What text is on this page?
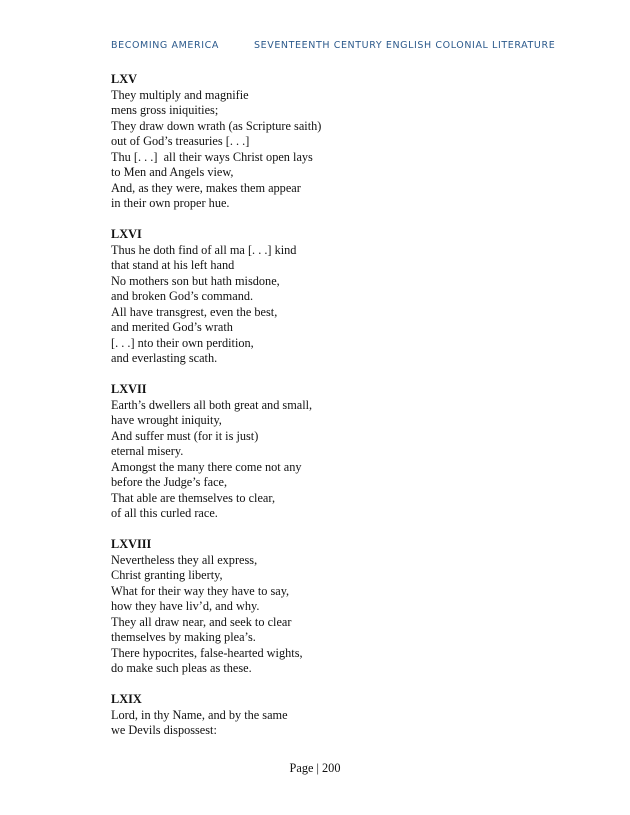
BECOMING AMERICA	SEVENTEENTH CENTURY ENGLISH COLONIAL LITERATURE
LXV
They multiply and magnifie
mens gross iniquities;
They draw down wrath (as Scripture saith)
out of God’s treasuries [. . .]
Thu [. . .]  all their ways Christ open lays
to Men and Angels view,
And, as they were, makes them appear
in their own proper hue.
LXVI
Thus he doth find of all ma [. . .] kind
that stand at his left hand
No mothers son but hath misdone,
and broken God’s command.
All have transgrest, even the best,
and merited God’s wrath
[. . .] nto their own perdition,
and everlasting scath.
LXVII
Earth’s dwellers all both great and small,
have wrought iniquity,
And suffer must (for it is just)
eternal misery.
Amongst the many there come not any
before the Judge’s face,
That able are themselves to clear,
of all this curled race.
LXVIII
Nevertheless they all express,
Christ granting liberty,
What for their way they have to say,
how they have liv’d, and why.
They all draw near, and seek to clear
themselves by making plea’s.
There hypocrites, false-hearted wights,
do make such pleas as these.
LXIX
Lord, in thy Name, and by the same
we Devils dispossest:
Page | 200
